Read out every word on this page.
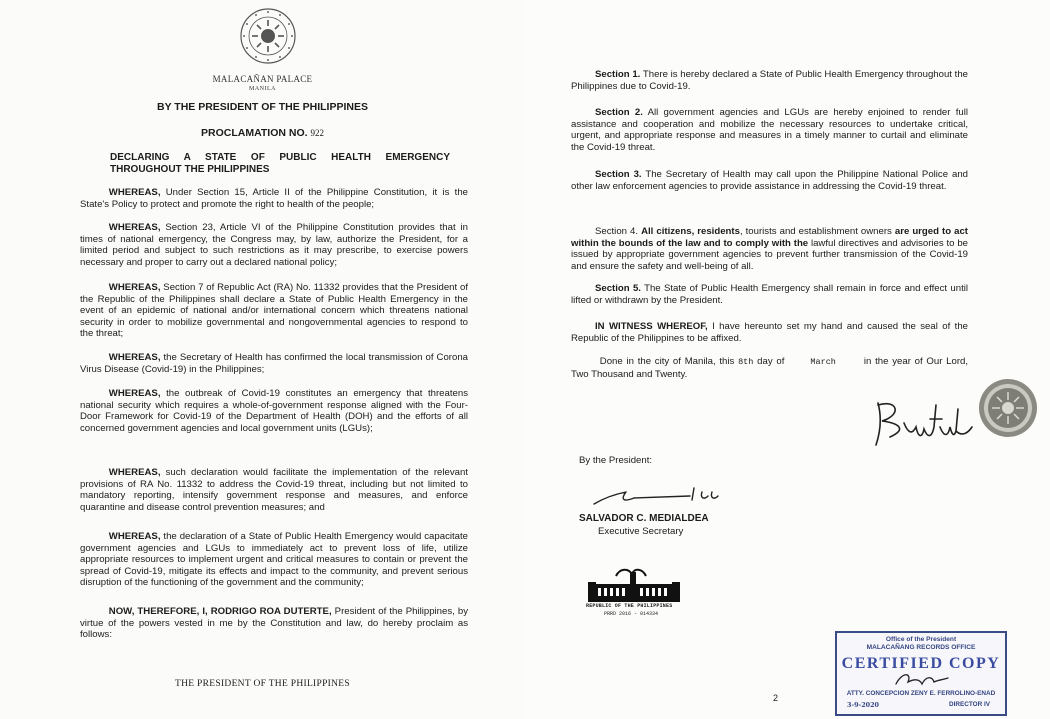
MALACAÑAN PALACE
MANILA
BY THE PRESIDENT OF THE PHILIPPINES
PROCLAMATION NO. 922
DECLARING A STATE OF PUBLIC HEALTH EMERGENCY THROUGHOUT THE PHILIPPINES

   WHEREAS, Under Section 15, Article II of the Philippine Constitution, it is the State's Policy to protect and promote the right to health of the people;

   WHEREAS, Section 23, Article VI of the Philippine Constitution provides that in times of national emergency, the Congress may, by law, authorize the President, for a limited period and subject to such restrictions as it may prescribe, to exercise powers necessary and proper to carry out a declared national policy;

   WHEREAS, Section 7 of Republic Act (RA) No. 11332 provides that the President of the Republic of the Philippines shall declare a State of Public Health Emergency in the event of an epidemic of national and/or international concern which threatens national security in order to mobilize governmental and nongovernmental agencies to respond to the threat;

   WHEREAS, the Secretary of Health has confirmed the local transmission of Corona Virus Disease (Covid-19) in the Philippines;

   WHEREAS, the outbreak of Covid-19 constitutes an emergency that threatens national security which requires a whole-of-government response aligned with the Four-Door Framework for Covid-19 of the Department of Health (DOH) and the efforts of all concerned government agencies and local government units (LGUs);

   WHEREAS, such declaration would facilitate the implementation of the relevant provisions of RA No. 11332 to address the Covid-19 threat, including but not limited to mandatory reporting, intensify government response and measures, and enforce quarantine and disease control prevention measures; and

   WHEREAS, the declaration of a State of Public Health Emergency would capacitate government agencies and LGUs to immediately act to prevent loss of life, utilize appropriate resources to implement urgent and critical measures to contain or prevent the spread of Covid-19, mitigate its effects and impact to the community, and prevent serious disruption of the functioning of the government and the community;

   NOW, THEREFORE, I, RODRIGO ROA DUTERTE, President of the Philippines, by virtue of the powers vested in me by the Constitution and law, do hereby proclaim as follows:

THE PRESIDENT OF THE PHILIPPINES

   Section 1. There is hereby declared a State of Public Health Emergency throughout the Philippines due to Covid-19.

   Section 2. All government agencies and LGUs are hereby enjoined to render full assistance and cooperation and mobilize the necessary resources to undertake critical, urgent, and appropriate response and measures in a timely manner to curtail and eliminate the Covid-19 threat.

   Section 3. The Secretary of Health may call upon the Philippine National Police and other law enforcement agencies to provide assistance in addressing the Covid-19 threat.

   Section 4. All citizens, residents, tourists and establishment owners are urged to act within the bounds of the law and to comply with the lawful directives and advisories to be issued by appropriate government agencies to prevent further transmission of the Covid-19 and ensure the safety and well-being of all.

   Section 5. The State of Public Health Emergency shall remain in force and effect until lifted or withdrawn by the President.

   IN WITNESS WHEREOF, I have hereunto set my hand and caused the seal of the Republic of the Philippines to be affixed.

   Done in the city of Manila, this 8th day of	March	in the year of Our Lord, Two Thousand and Twenty.

By the President:
SALVADOR C. MEDIALDEA
Executive Secretary
REPUBLIC OF THE PHILIPPINES
PRRD 2016 - 014334
2
Office of the President
MALACAÑANG RECORDS OFFICE
CERTIFIED COPY
ATTY. CONCEPCION ZENY E. FERROLINO-ENAD
3-9-2020	DIRECTOR IV
